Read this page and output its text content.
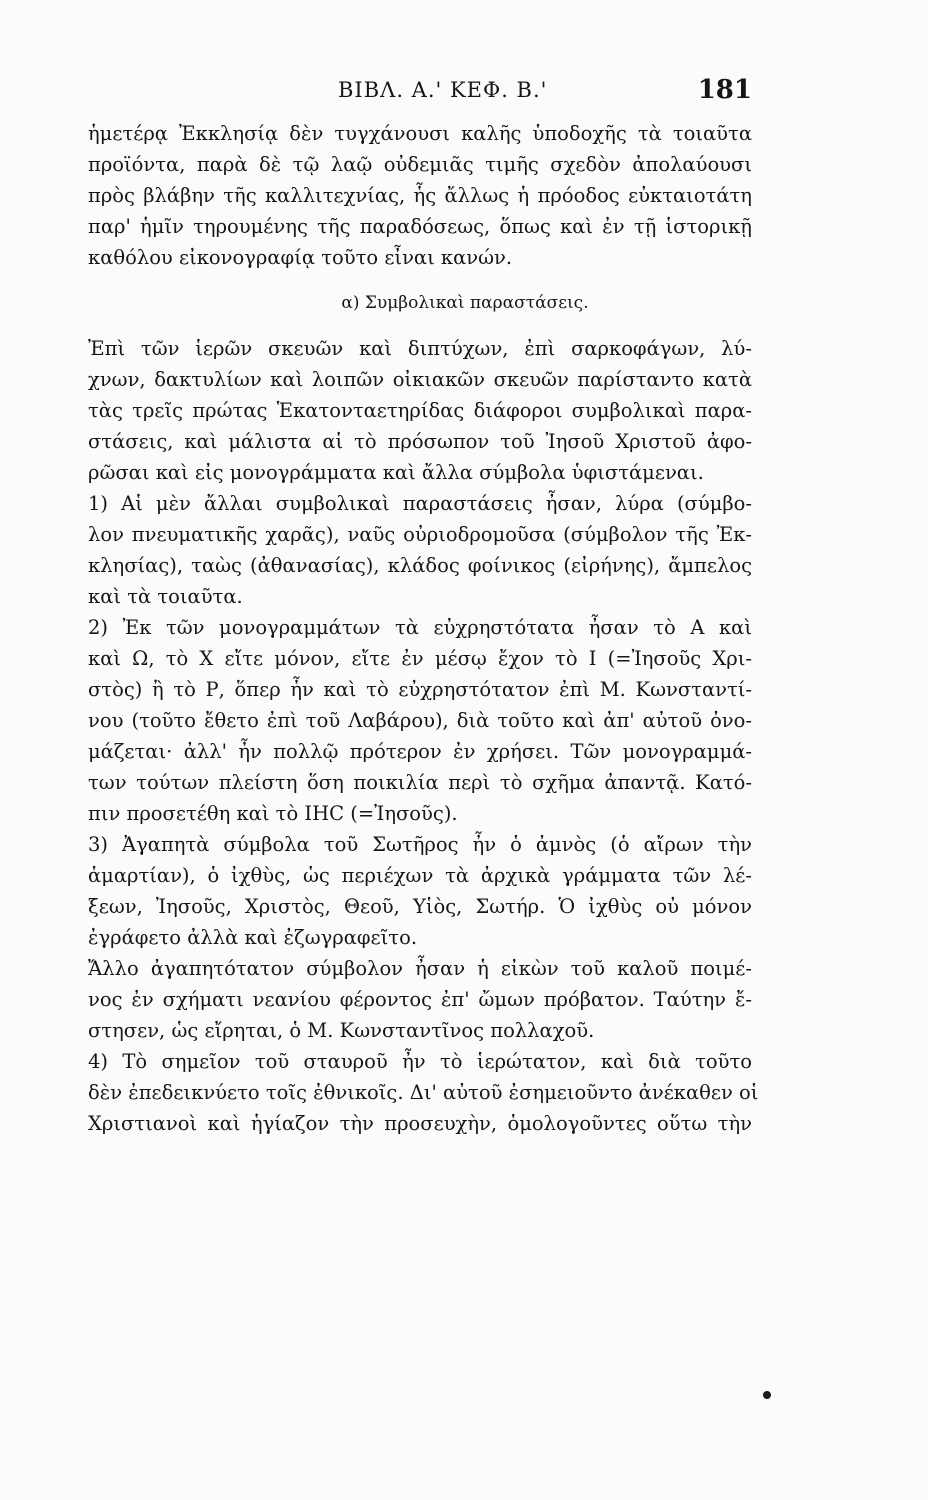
BIBΛ. A.' KEΦ. B.'	181
ἡμετέρᾳ Ἐκκλησίᾳ δὲν τυγχάνουσι καλῆς ὑποδοχῆς τὰ τοιαῦτα
προϊόντα, παρὰ δὲ τῷ λαῷ οὐδεμιᾶς τιμῆς σχεδὸν ἀπολαύουσι
πρὸς βλάβην τῆς καλλιτεχνίας, ἧς ἄλλως ἡ πρόοδος εὐκταιοτάτη
παρ' ἡμῖν τηρουμένης τῆς παραδόσεως, ὅπως καὶ ἐν τῇ ἱστορικῇ
καθόλου εἰκονογραφίᾳ τοῦτο εἶναι κανών.
α) Συμβολικαὶ παραστάσεις.
Ἐπὶ τῶν ἱερῶν σκευῶν καὶ διπτύχων, ἐπὶ σαρκοφάγων, λύ-
χνων, δακτυλίων καὶ λοιπῶν οἰκιακῶν σκευῶν παρίσταντο κατὰ
τὰς τρεῖς πρώτας Ἑκατονταετηρίδας διάφοροι συμβολικαὶ παρα-
στάσεις, καὶ μάλιστα αἱ τὸ πρόσωπον τοῦ Ἰησοῦ Χριστοῦ ἀφο-
ρῶσαι καὶ εἰς μονογράμματα καὶ ἄλλα σύμβολα ὑφιστάμεναι.
1) Αἱ μὲν ἄλλαι συμβολικαὶ παραστάσεις ἦσαν, λύρα (σύμβο-
λον πνευματικῆς χαρᾶς), ναῦς οὐριοδρομοῦσα (σύμβολον τῆς Ἐκ-
κλησίας), ταὼς (ἀθανασίας), κλάδος φοίνικος (εἰρήνης), ἄμπελος
καὶ τὰ τοιαῦτα.
2) Ἐκ τῶν μονογραμμάτων τὰ εὐχρηστότατα ἦσαν τὸ Α καὶ
καὶ Ω, τὸ Χ εἴτε μόνον, εἴτε ἐν μέσῳ ἔχον τὸ Ι (=Ἰησοῦς Χρι-
στὸς) ἢ τὸ Ρ, ὅπερ ἦν καὶ τὸ εὐχρηστότατον ἐπὶ Μ. Κωνσταντί-
νου (τοῦτο ἔθετο ἐπὶ τοῦ Λαβάρου), διὰ τοῦτο καὶ ἀπ' αὐτοῦ ὀνο-
μάζεται· ἀλλ' ἦν πολλῷ πρότερον ἐν χρήσει. Τῶν μονογραμμά-
των τούτων πλείστη ὅση ποικιλία περὶ τὸ σχῆμα ἀπαντᾷ. Κατό-
πιν προσετέθη καὶ τὸ ΙΗC (=Ἰησοῦς).
3) Ἀγαπητὰ σύμβολα τοῦ Σωτῆρος ἦν ὁ ἀμνὸς (ὁ αἴρων τὴν
ἁμαρτίαν), ὁ ἰχθὺς, ὡς περιέχων τὰ ἀρχικὰ γράμματα τῶν λέ-
ξεων, Ἰησοῦς, Χριστὸς, Θεοῦ, Υἱὸς, Σωτήρ. Ὁ ἰχθὺς οὐ μόνον
ἐγράφετο ἀλλὰ καὶ ἐζωγραφεῖτο.
Ἄλλο ἀγαπητότατον σύμβολον ἦσαν ἡ εἰκὼν τοῦ καλοῦ ποιμέ-
νος ἐν σχήματι νεανίου φέροντος ἐπ' ὤμων πρόβατον. Ταύτην ἔ-
στησεν, ὡς εἴρηται, ὁ Μ. Κωνσταντῖνος πολλαχοῦ.
4) Τὸ σημεῖον τοῦ σταυροῦ ἦν τὸ ἱερώτατον, καὶ διὰ τοῦτο
δὲν ἐπεδεικνύετο τοῖς ἐθνικοῖς. Δι' αὐτοῦ ἐσημειοῦντο ἀνέκαθεν οἱ
Χριστιανοὶ καὶ ἡγίαζον τὴν προσευχὴν, ὁμολογοῦντες οὕτω τὴν
